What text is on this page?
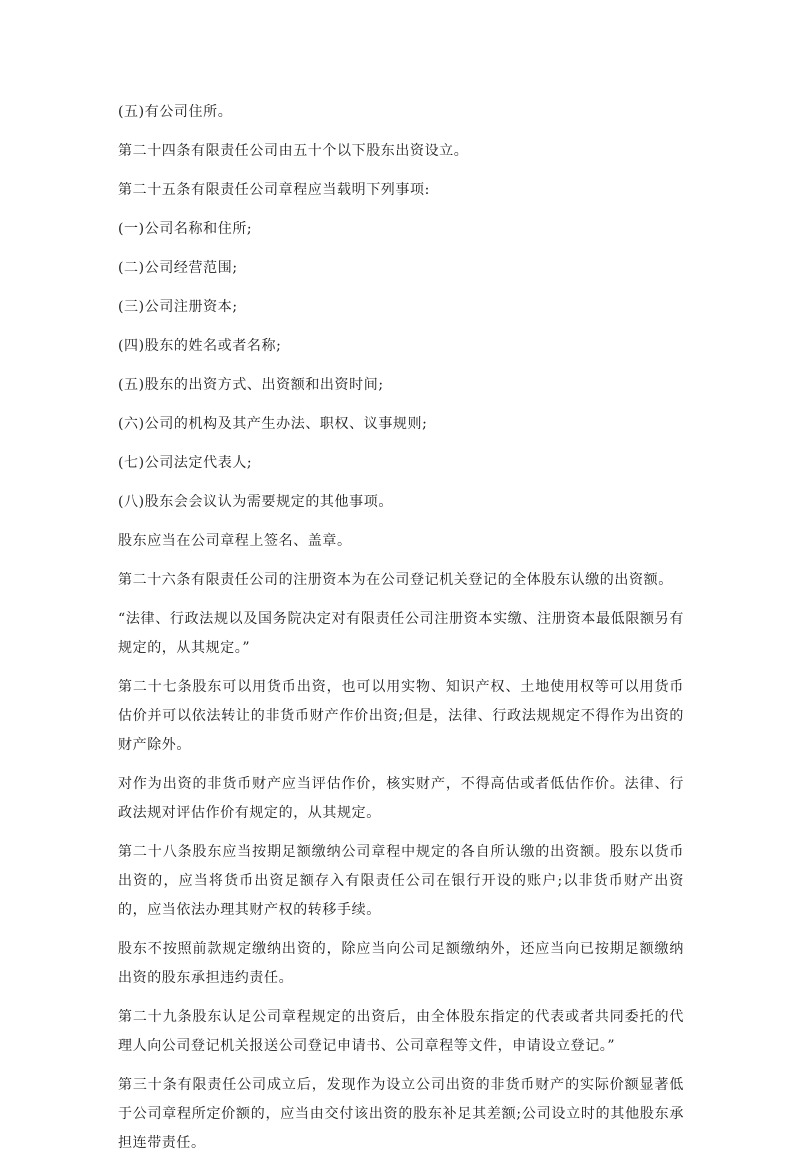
(五)有公司住所。

第二十四条有限责任公司由五十个以下股东出资设立。

第二十五条有限责任公司章程应当载明下列事项:

(一)公司名称和住所;

(二)公司经营范围;

(三)公司注册资本;

(四)股东的姓名或者名称;

(五)股东的出资方式、出资额和出资时间;

(六)公司的机构及其产生办法、职权、议事规则;

(七)公司法定代表人;

(八)股东会会议认为需要规定的其他事项。

股东应当在公司章程上签名、盖章。

第二十六条有限责任公司的注册资本为在公司登记机关登记的全体股东认缴的出资额。

“法律、行政法规以及国务院决定对有限责任公司注册资本实缴、注册资本最低限额另有规定的，从其规定。”

第二十七条股东可以用货币出资，也可以用实物、知识产权、土地使用权等可以用货币估价并可以依法转让的非货币财产作价出资;但是，法律、行政法规规定不得作为出资的财产除外。

对作为出资的非货币财产应当评估作价，核实财产，不得高估或者低估作价。法律、行政法规对评估作价有规定的，从其规定。

第二十八条股东应当按期足额缴纳公司章程中规定的各自所认缴的出资额。股东以货币出资的，应当将货币出资足额存入有限责任公司在银行开设的账户;以非货币财产出资的，应当依法办理其财产权的转移手续。

股东不按照前款规定缴纳出资的，除应当向公司足额缴纳外，还应当向已按期足额缴纳出资的股东承担违约责任。

第二十九条股东认足公司章程规定的出资后，由全体股东指定的代表或者共同委托的代理人向公司登记机关报送公司登记申请书、公司章程等文件，申请设立登记。”

第三十条有限责任公司成立后，发现作为设立公司出资的非货币财产的实际价额显著低于公司章程所定价额的，应当由交付该出资的股东补足其差额;公司设立时的其他股东承担连带责任。
